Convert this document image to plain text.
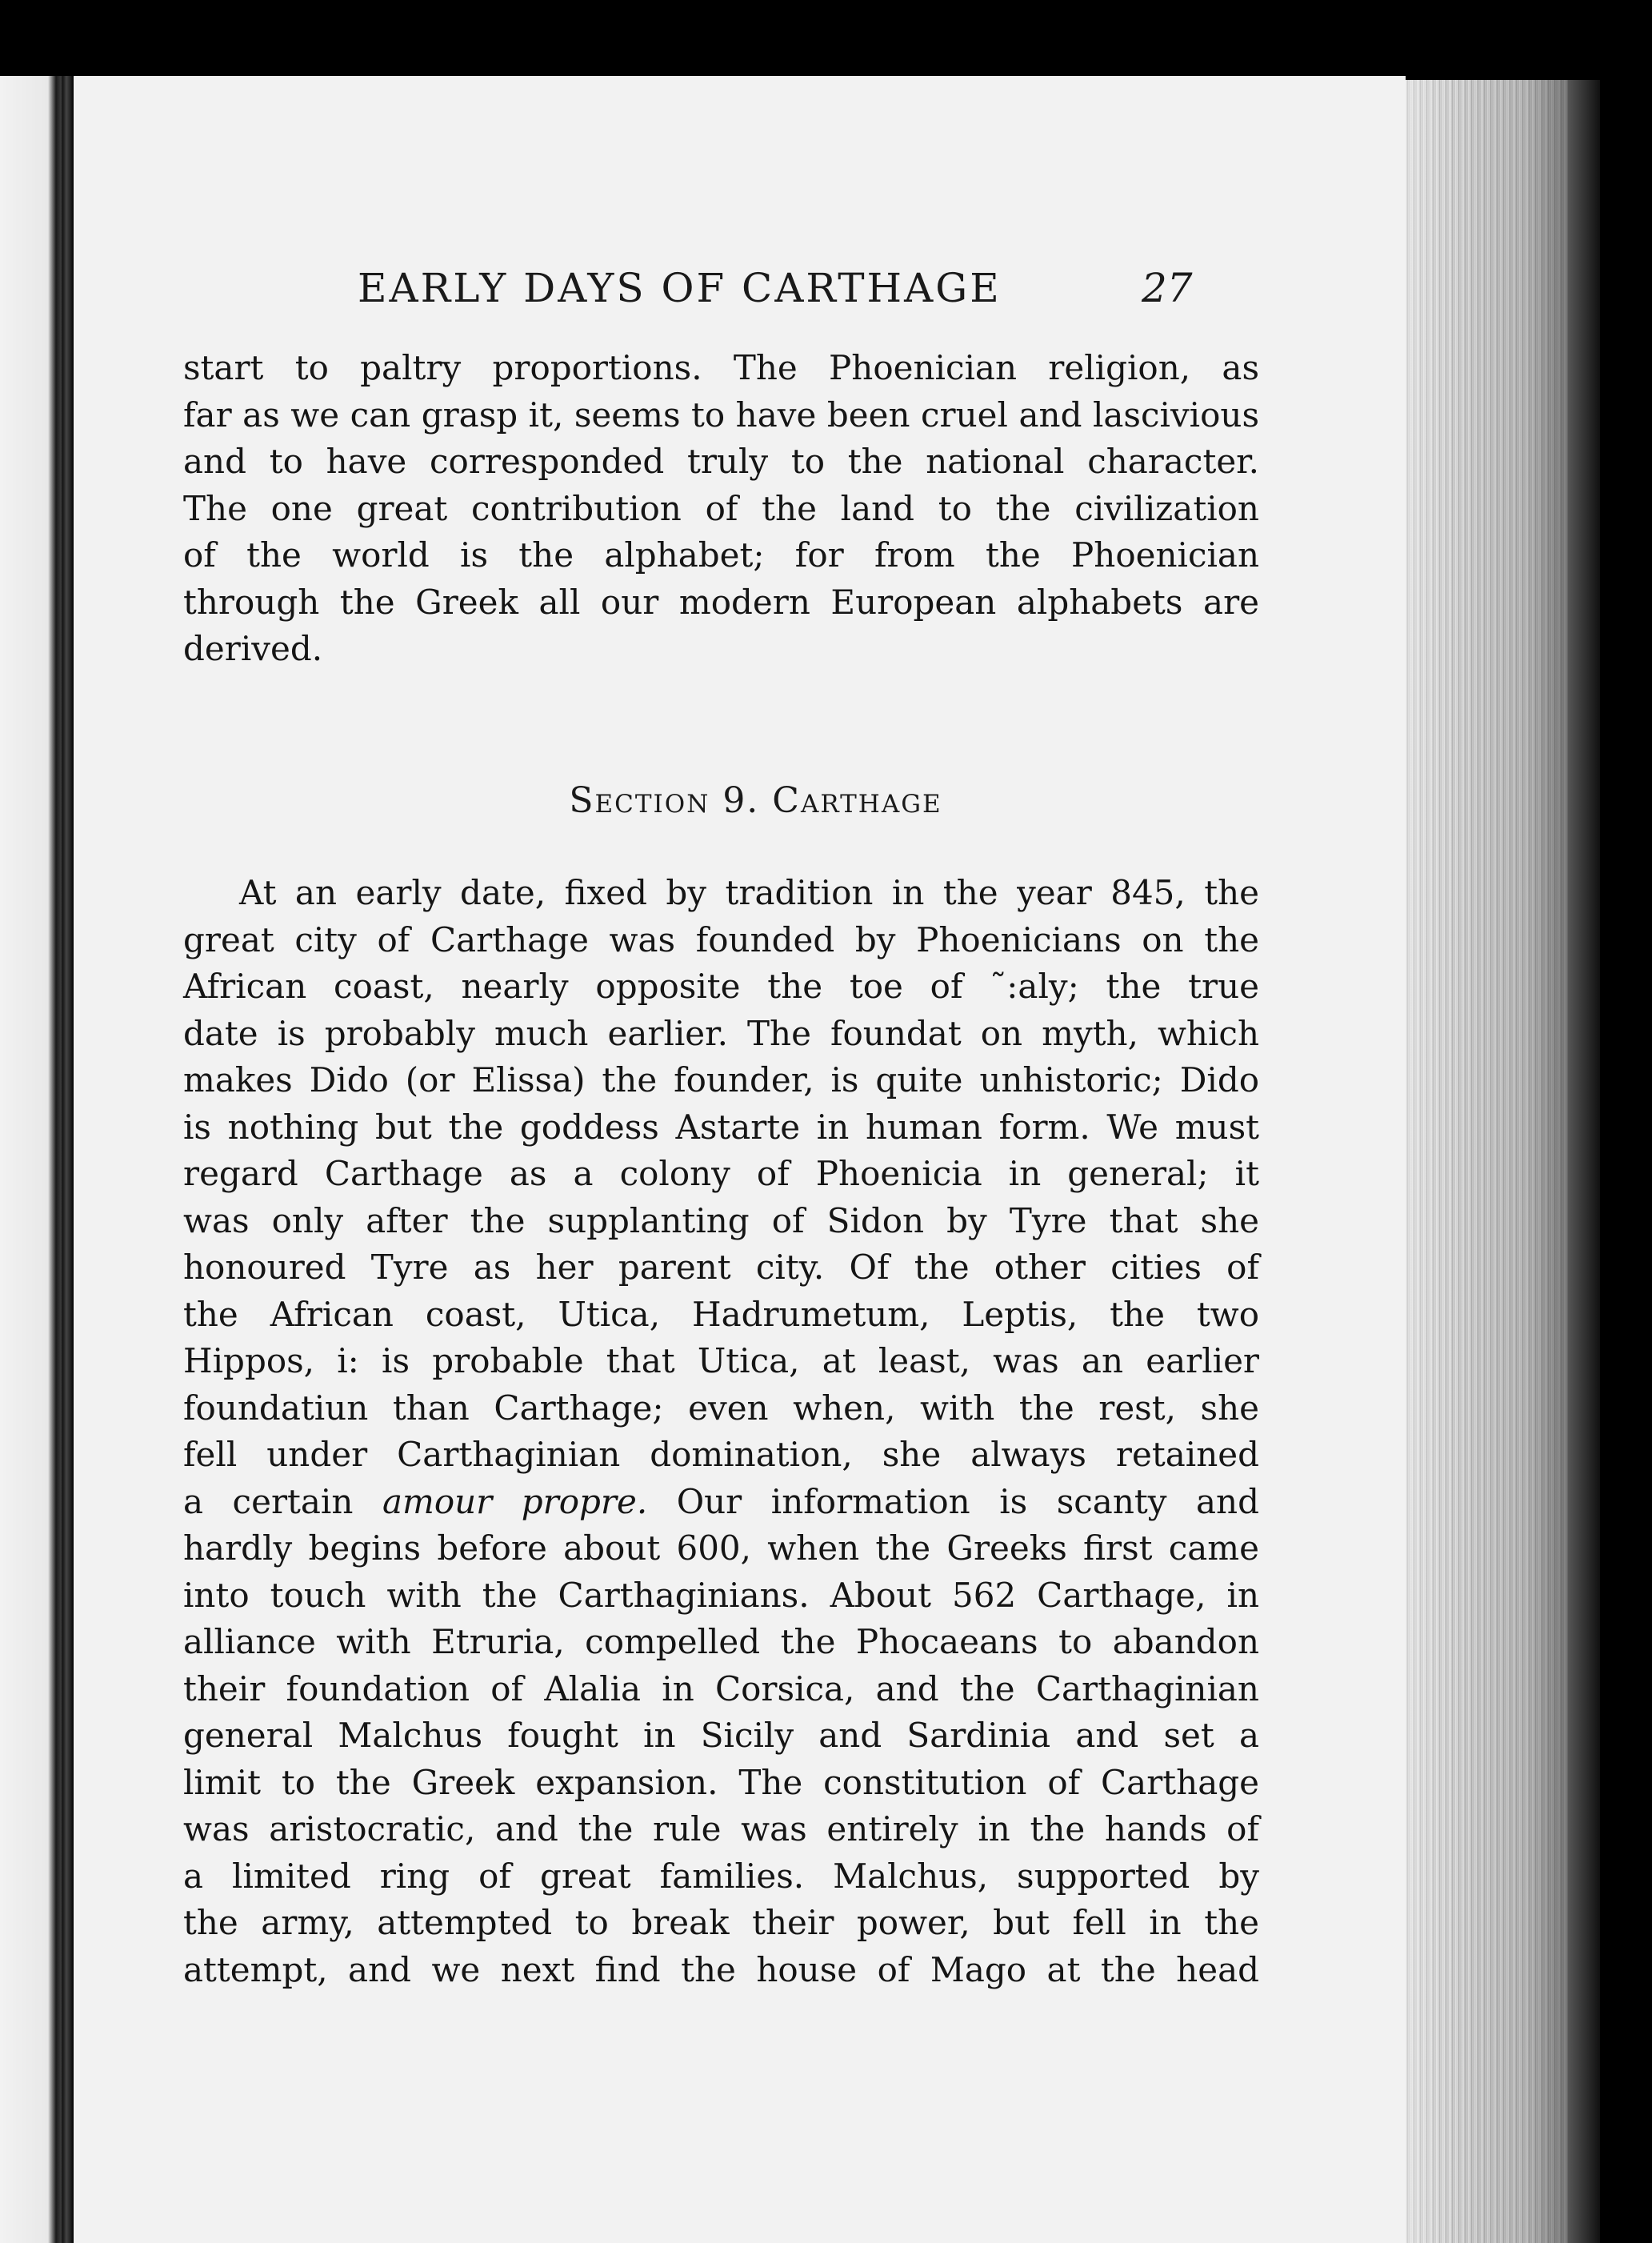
EARLY DAYS OF CARTHAGE	27
start to paltry proportions. The Phoenician religion, as
far as we can grasp it, seems to have been cruel and lascivious
and to have corresponded truly to the national character.
The one great contribution of the land to the civilization
of the world is the alphabet; for from the Phoenician
through the Greek all our modern European alphabets are
derived.
Section 9. Carthage
At an early date, fixed by tradition in the year 845, the
great city of Carthage was founded by Phoenicians on the
African coast, nearly opposite the toe of ˜:aly; the true
date is probably much earlier. The foundat on myth, which
makes Dido (or Elissa) the founder, is quite unhistoric; Dido
is nothing but the goddess Astarte in human form. We must
regard Carthage as a colony of Phoenicia in general; it
was only after the supplanting of Sidon by Tyre that she
honoured Tyre as her parent city. Of the other cities of
the African coast, Utica, Hadrumetum, Leptis, the two
Hippos, i: is probable that Utica, at least, was an earlier
foundatiun than Carthage; even when, with the rest, she
fell under Carthaginian domination, she always retained
a certain amour propre. Our information is scanty and
hardly begins before about 600, when the Greeks first came
into touch with the Carthaginians. About 562 Carthage, in
alliance with Etruria, compelled the Phocaeans to abandon
their foundation of Alalia in Corsica, and the Carthaginian
general Malchus fought in Sicily and Sardinia and set a
limit to the Greek expansion. The constitution of Carthage
was aristocratic, and the rule was entirely in the hands of
a limited ring of great families. Malchus, supported by
the army, attempted to break their power, but fell in the
attempt, and we next find the house of Mago at the head
